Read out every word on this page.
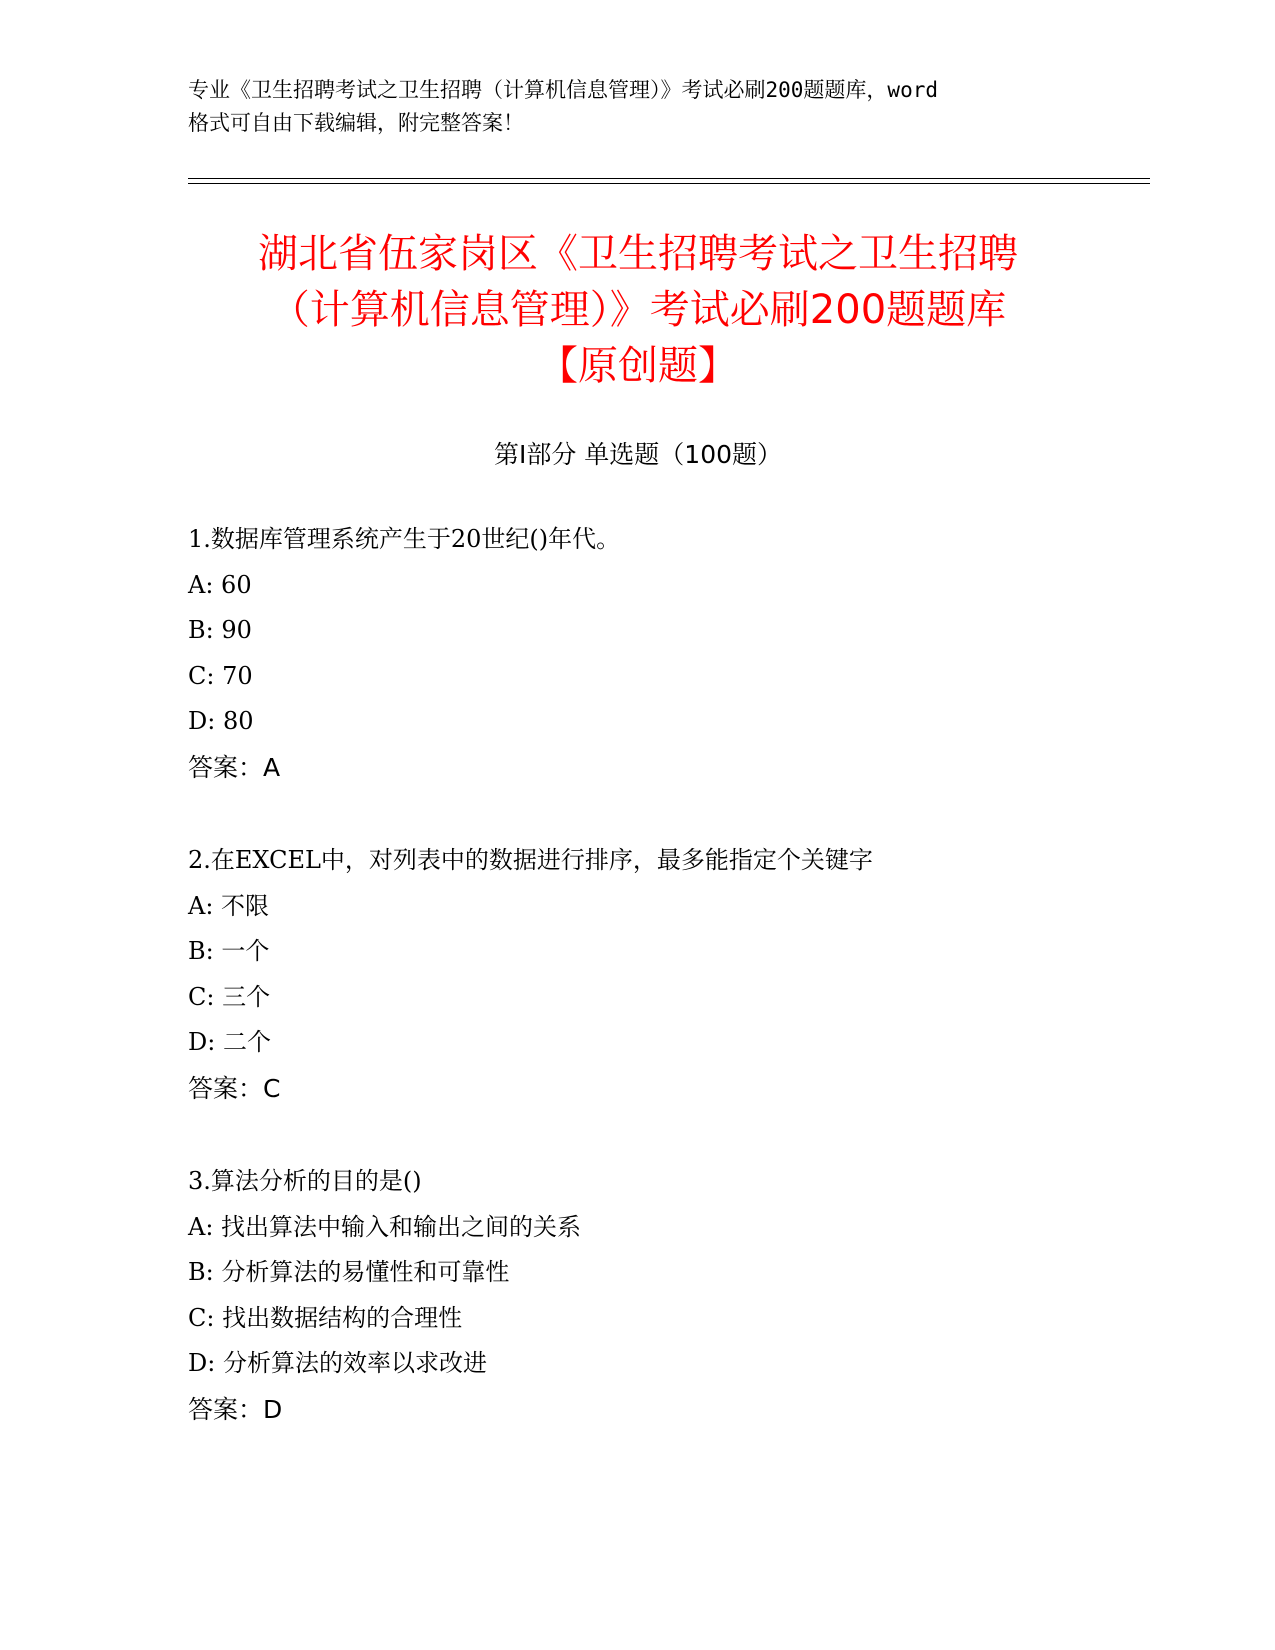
专业《卫生招聘考试之卫生招聘（计算机信息管理）》考试必刷200题题库，word
格式可自由下载编辑，附完整答案！
湖北省伍家岗区《卫生招聘考试之卫生招聘
（计算机信息管理）》考试必刷200题题库
【原创题】
第Ⅰ部分 单选题（100题）
1.数据库管理系统产生于20世纪()年代。
A: 60
B: 90
C: 70
D: 80
答案：A
2.在EXCEL中，对列表中的数据进行排序，最多能指定个关键字
A: 不限
B: 一个
C: 三个
D: 二个
答案：C
3.算法分析的目的是()
A: 找出算法中输入和输出之间的关系
B: 分析算法的易懂性和可靠性
C: 找出数据结构的合理性
D: 分析算法的效率以求改进
答案：D
